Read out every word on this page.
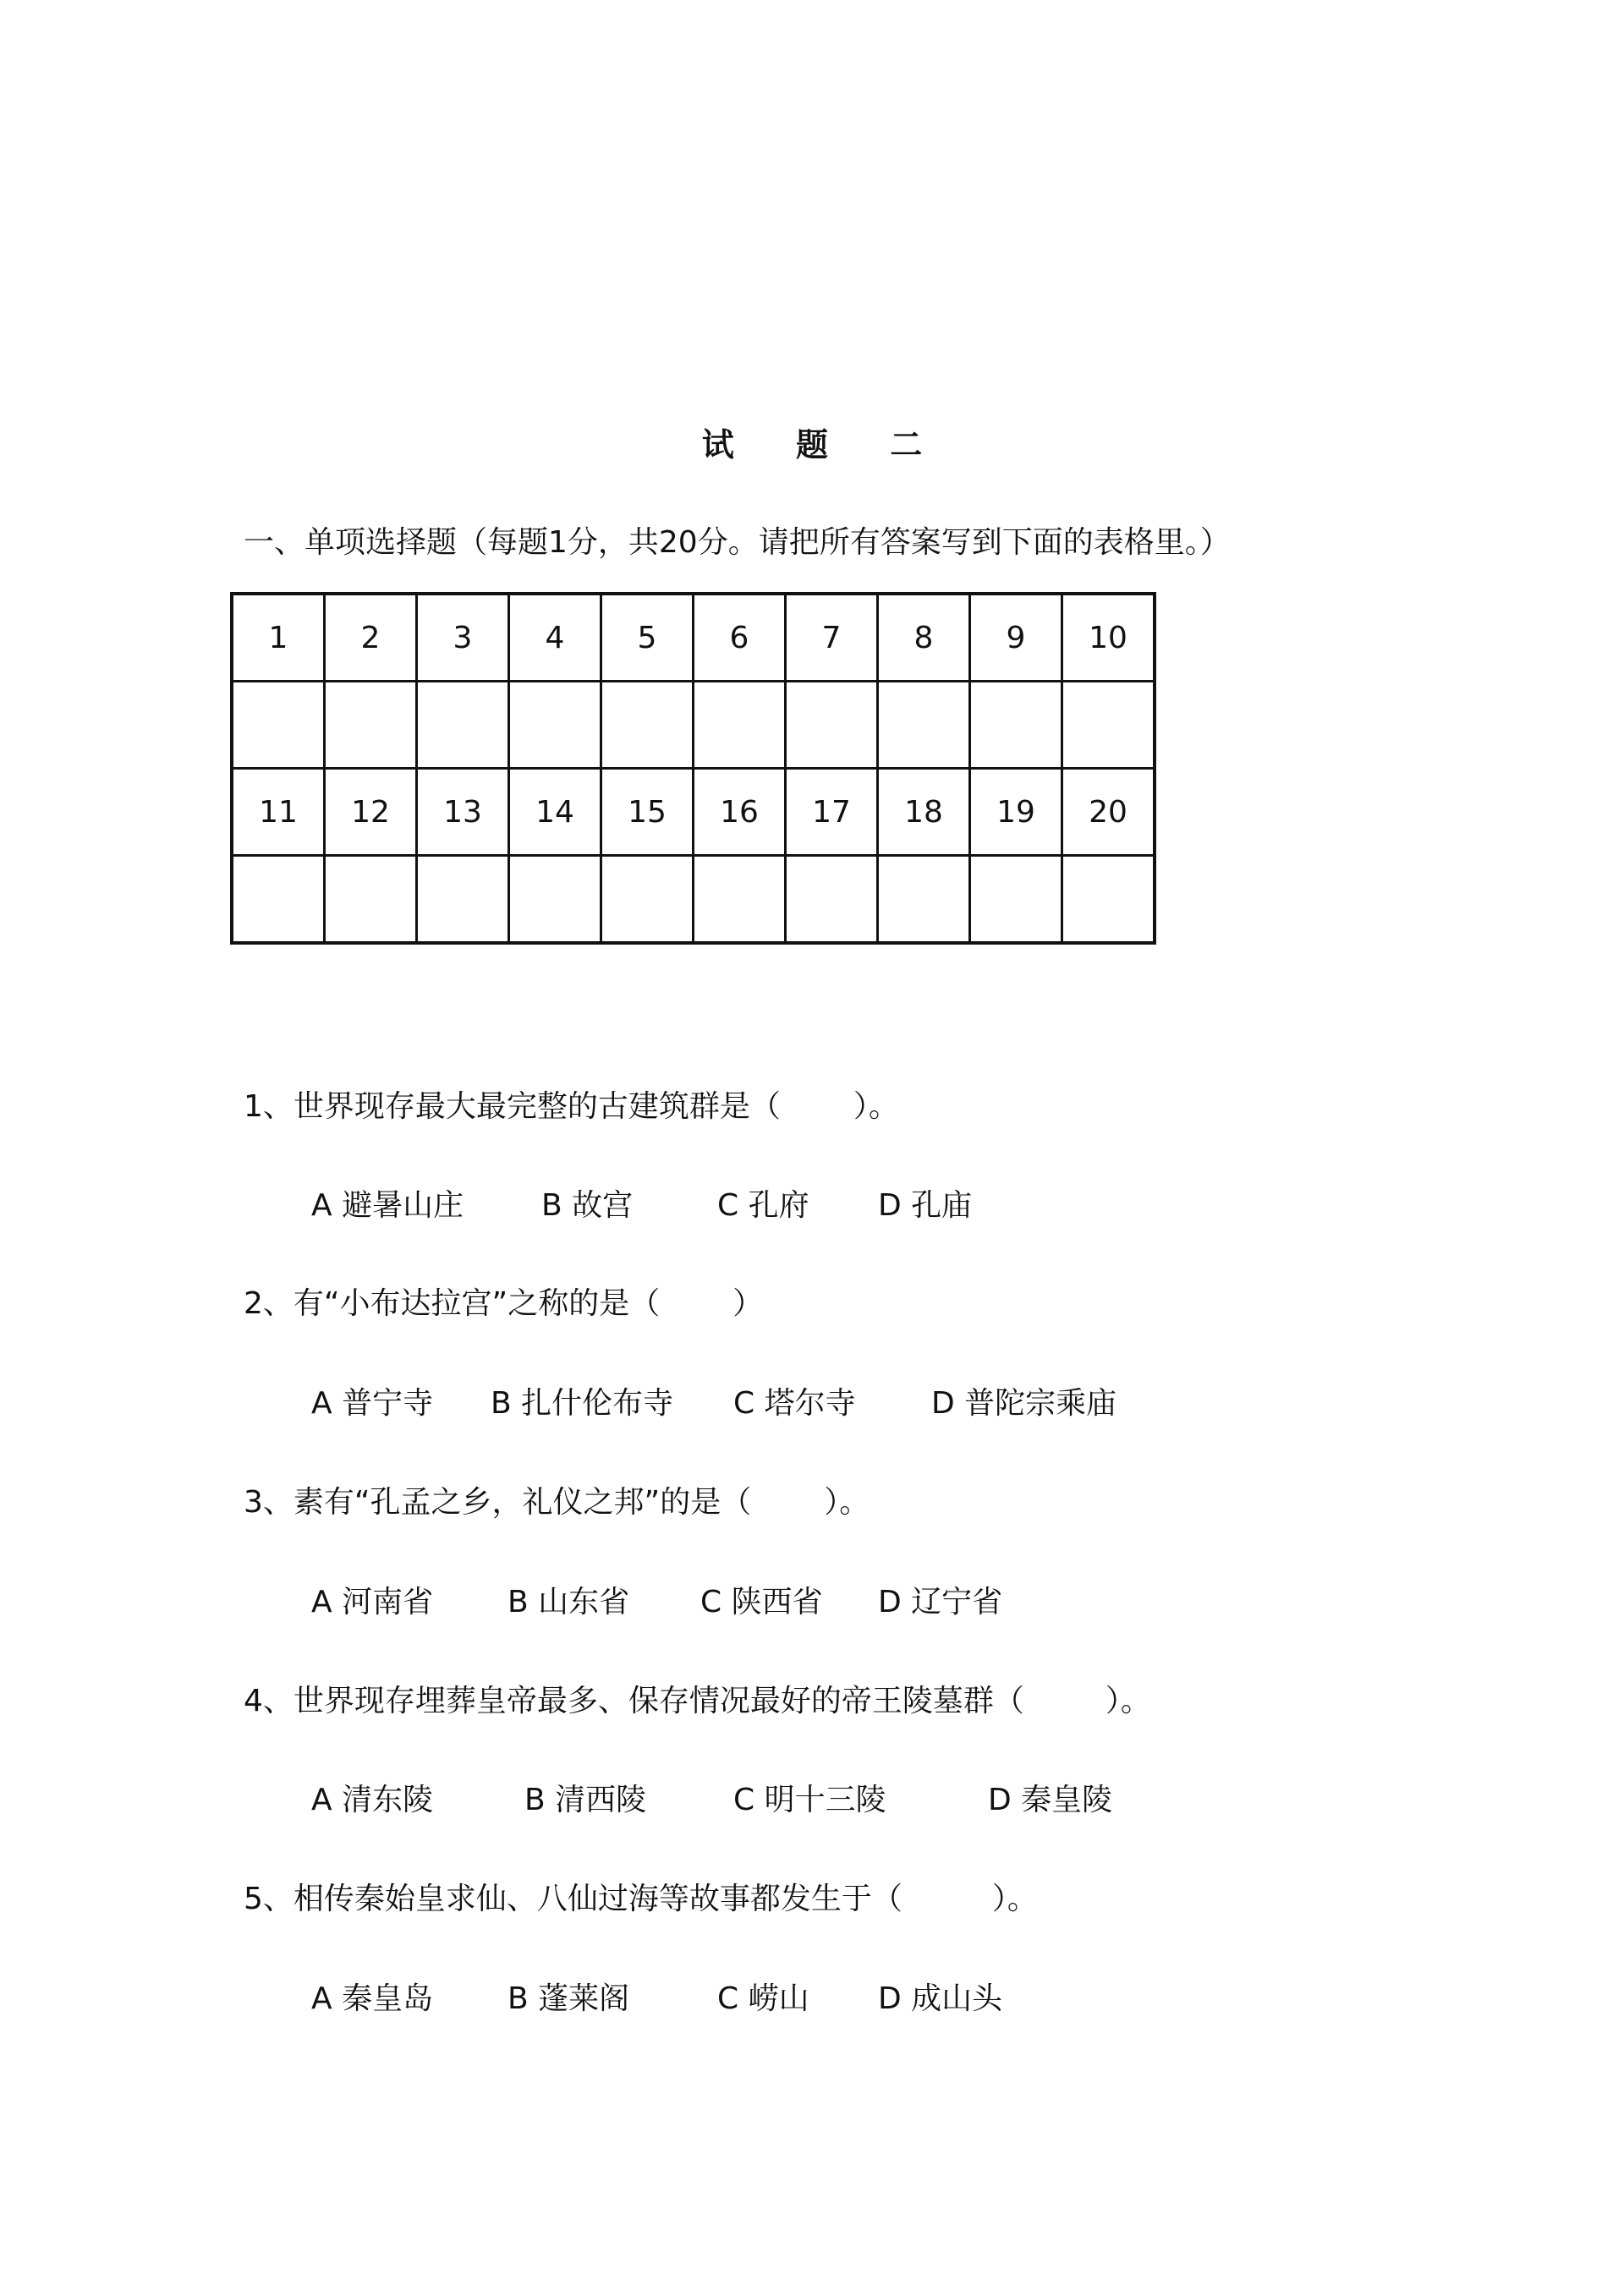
试 题 二
一、单项选择题（每题1分，共20分。请把所有答案写到下面的表格里。）
1	2	3	4	5	6	7	8	9	10

11	12	13	14	15	16	17	18	19	20

1、世界现存最大最完整的古建筑群是（ ）。
A 避暑山庄	B 故宫	C 孔府 D 孔庙
2、有“小布达拉宫”之称的是（ ）
A 普宁寺 B 扎什伦布寺 C 塔尔寺 D 普陀宗乘庙
3、素有“孔孟之乡，礼仪之邦”的是（ ）。
A 河南省 B 山东省 C 陕西省 D 辽宁省
4、世界现存埋葬皇帝最多、保存情况最好的帝王陵墓群（	）。
A 清东陵	B 清西陵	C 明十三陵	D 秦皇陵
5、相传秦始皇求仙、八仙过海等故事都发生于（	）。
A 秦皇岛 B 蓬莱阁	C 崂山 D 成山头
